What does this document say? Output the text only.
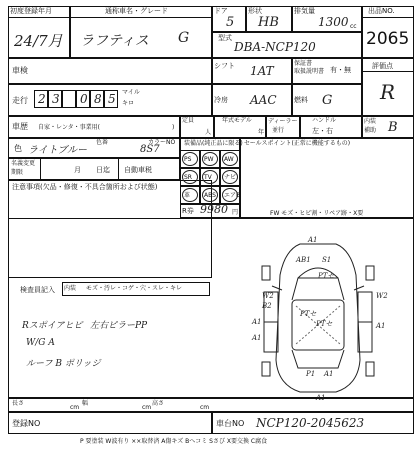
初度登録年月
24/7月
通称車名・グレード
ラフティス G
ドア
5
形状
HB
排気量
1300 cc
型式
DBA-NCP120
出品NO.
2065
車検	シフト 1AT
保証書
取扱説明書 有・無	評価点
R
走行 2 3 0 8 5 マイル
キロ	冷房 AAC 燃料 G
定員
人
年式モデル
年
ディーラー
並行
ハンドル
左・右
内装
補助 B
車歴 自家・レンタ・事業用(	)
色 ライトブルー
色番
8S7
カラーNO
名義変更
期限	月 日迄 自動車税
注意事項(欠品・修復・不具合箇所および状態)
装備品(純正品に限る)
PS PW AW
SR TV ナビ
革 ABS エアB
R券 9980 円
セールスポイント(正常に機能するもの)
FW モズ・ヒビ割・リペア跡・X要
検査員記入 内装 モズ・汚レ・コゲ・穴・スレ・キレ
Rスポイアヒビ 左右ピラーPP
W/G A
ルーフ B ポリッジ
A1
AB1 S1
PTセ
W2
B2
A1
A1
W2
A1
PTセ
PTセ
P1 A1
A1
長さ
cm
幅
cm
高さ
cm
登録NO	車台NO NCP120-2045623
P 要塗装 W波有り ××取替済 A傷キズ Bへコミ Sさび X要交換 C腐食
